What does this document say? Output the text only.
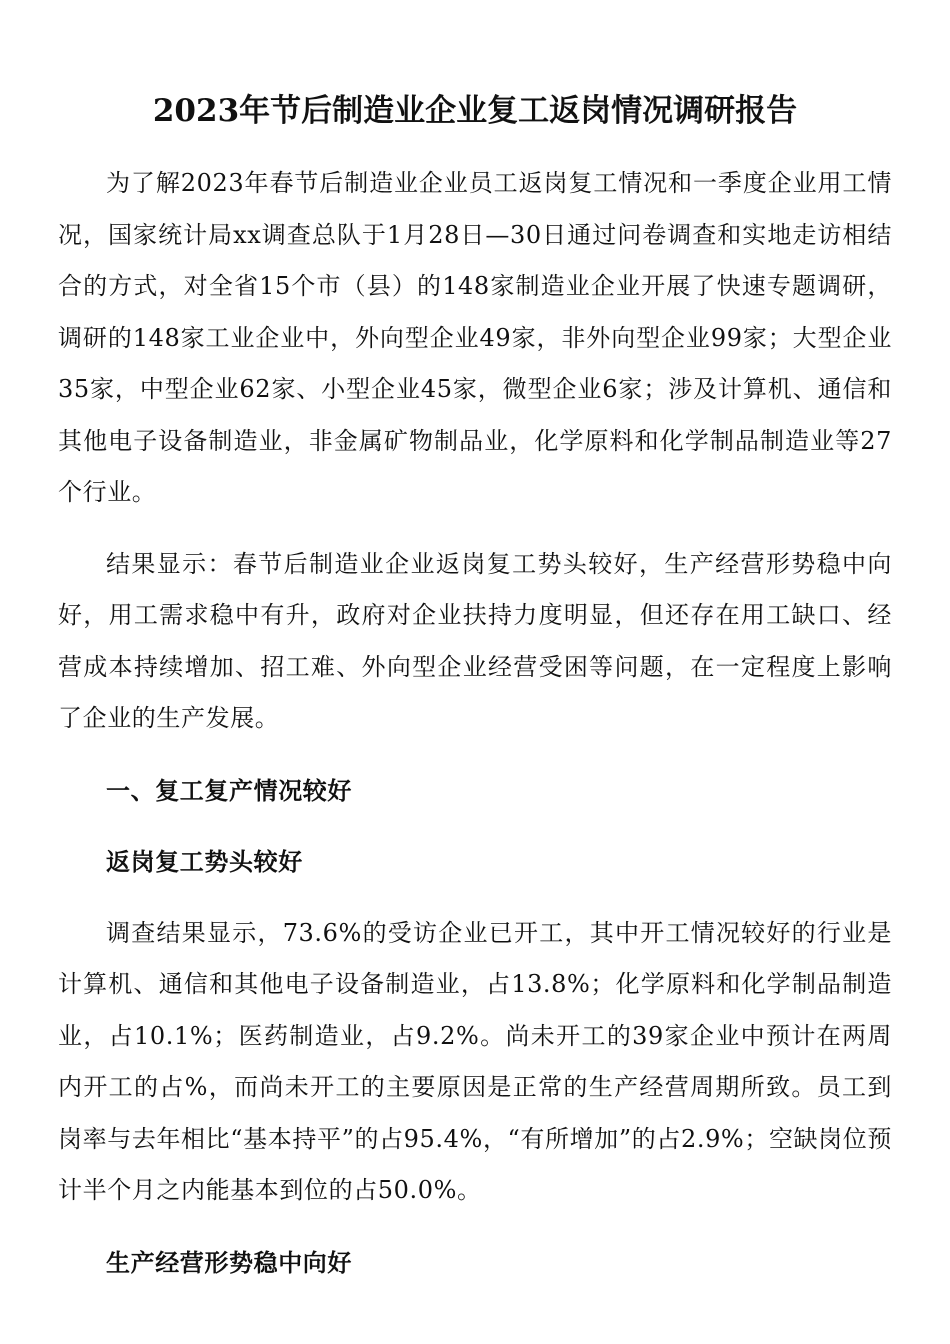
2023年节后制造业企业复工返岗情况调研报告

为了解2023年春节后制造业企业员工返岗复工情况和一季度企业用工情况，国家统计局xx调查总队于1月28日—30日通过问卷调查和实地走访相结合的方式，对全省15个市（县）的148家制造业企业开展了快速专题调研，调研的148家工业企业中，外向型企业49家，非外向型企业99家；大型企业35家，中型企业62家、小型企业45家，微型企业6家；涉及计算机、通信和其他电子设备制造业，非金属矿物制品业，化学原料和化学制品制造业等27个行业。

结果显示：春节后制造业企业返岗复工势头较好，生产经营形势稳中向好，用工需求稳中有升，政府对企业扶持力度明显，但还存在用工缺口、经营成本持续增加、招工难、外向型企业经营受困等问题，在一定程度上影响了企业的生产发展。

一、复工复产情况较好

返岗复工势头较好

调查结果显示，73.6%的受访企业已开工，其中开工情况较好的行业是计算机、通信和其他电子设备制造业，占13.8%；化学原料和化学制品制造业，占10.1%；医药制造业，占9.2%。尚未开工的39家企业中预计在两周内开工的占%，而尚未开工的主要原因是正常的生产经营周期所致。员工到岗率与去年相比“基本持平”的占95.4%，“有所增加”的占2.9%；空缺岗位预计半个月之内能基本到位的占50.0%。

生产经营形势稳中向好
